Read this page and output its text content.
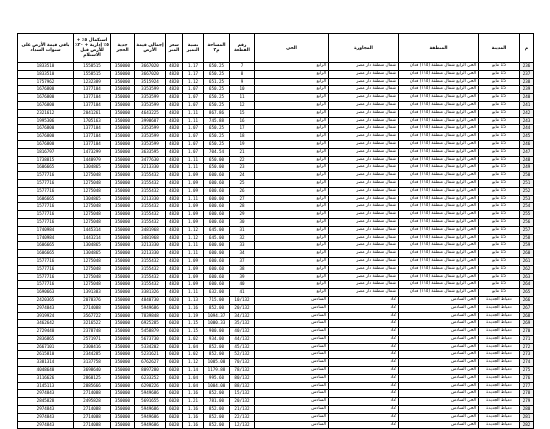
م	المدينة	المنطقة	المجاورة	الحي	رقم القطعة	المساحة م٢	نسبة التميز	سعر المتر	إجمالي قيمة الأرض	جدية الحجز	استكمال ٥٪ + ٥٪ إدارية + ٢٠٪ للأرض قبل الاستلام	باقي قيمة الأرض على سنوات السداد
236	15 مايو	الحي الرابع شمال منطقة (١١٥) فدان	شمال منطقة دار مصر	الرابع	7	650.25	1.17	4820	3667020	350000	1558515	1833510
237	15 مايو	الحي الرابع شمال منطقة (١١٥) فدان	شمال منطقة دار مصر	الرابع	8	650.25	1.17	4820	3667020	350000	1558515	1833510
238	15 مايو	الحي الرابع شمال منطقة (١١٥) فدان	شمال منطقة دار مصر	الرابع	9	651.25	1.12	4820	3515924	350000	1232389	1757962
239	15 مايو	الحي الرابع شمال منطقة (١١٥) فدان	شمال منطقة دار مصر	الرابع	10	650.25	1.07	4820	3353599	350000	1377104	1676800
240	15 مايو	الحي الرابع شمال منطقة (١١٥) فدان	شمال منطقة دار مصر	الرابع	11	650.25	1.07	4820	3353599	350000	1377104	1676800
241	15 مايو	الحي الرابع شمال منطقة (١١٥) فدان	شمال منطقة دار مصر	الرابع	12	650.25	1.07	4820	3353599	350000	1377104	1676800
242	15 مايو	الحي الرابع شمال منطقة (١١٥) فدان	شمال منطقة دار مصر	الرابع	15	867.86	1.11	4820	4643225	350000	2041261	2321612
243	15 مايو	الحي الرابع شمال منطقة (١١٥) فدان	شمال منطقة دار مصر	الرابع	16	745.88	1.11	4820	3990607	350000	1705163	1995306
244	15 مايو	الحي الرابع شمال منطقة (١١٥) فدان	شمال منطقة دار مصر	الرابع	17	650.25	1.07	4820	3353599	350000	1377104	1676800
245	15 مايو	الحي الرابع شمال منطقة (١١٥) فدان	شمال منطقة دار مصر	الرابع	18	650.25	1.07	4820	3353599	350000	1377104	1676800
246	15 مايو	الحي الرابع شمال منطقة (١١٥) فدان	شمال منطقة دار مصر	الرابع	19	650.25	1.07	4820	3353599	350000	1377104	1676800
247	15 مايو	الحي الرابع شمال منطقة (١١٥) فدان	شمال منطقة دار مصر	الرابع	21	704.54	1.07	4820	3633595	350000	1473299	1816797
248	15 مايو	الحي الرابع شمال منطقة (١١٥) فدان	شمال منطقة دار مصر	الرابع	22	650.00	1.11	4820	3477630	350000	1440979	1738815
249	15 مايو	الحي الرابع شمال منطقة (١١٥) فدان	شمال منطقة دار مصر	الرابع	23	650.00	1.11	4820	3213330	350000	1304865	1606665
250	15 مايو	الحي الرابع شمال منطقة (١١٥) فدان	شمال منطقة دار مصر	الرابع	24	600.60	1.09	4820	3155432	350000	1275048	1577716
251	15 مايو	الحي الرابع شمال منطقة (١١٥) فدان	شمال منطقة دار مصر	الرابع	25	600.60	1.09	4820	3155432	350000	1275048	1577716
252	15 مايو	الحي الرابع شمال منطقة (١١٥) فدان	شمال منطقة دار مصر	الرابع	26	600.60	1.09	4820	3155432	350000	1275048	1577716
253	15 مايو	الحي الرابع شمال منطقة (١١٥) فدان	شمال منطقة دار مصر	الرابع	27	600.00	1.11	4820	3213330	350000	1304865	1606665
254	15 مايو	الحي الرابع شمال منطقة (١١٥) فدان	شمال منطقة دار مصر	الرابع	28	600.60	1.09	4820	3155432	350000	1275048	1577716
255	15 مايو	الحي الرابع شمال منطقة (١١٥) فدان	شمال منطقة دار مصر	الرابع	29	600.60	1.09	4820	3155432	350000	1275048	1577716
256	15 مايو	الحي الرابع شمال منطقة (١١٥) فدان	شمال منطقة دار مصر	الرابع	30	600.60	1.09	4820	3155432	350000	1275048	1577716
257	15 مايو	الحي الرابع شمال منطقة (١١٥) فدان	شمال منطقة دار مصر	الرابع	31	645.00	1.12	4820	3481968	350000	1445314	1740984
258	15 مايو	الحي الرابع شمال منطقة (١١٥) فدان	شمال منطقة دار مصر	الرابع	32	645.00	1.12	4820	3481968	350000	1443214	1740984
259	15 مايو	الحي الرابع شمال منطقة (١١٥) فدان	شمال منطقة دار مصر	الرابع	33	600.00	1.11	4820	3213330	350000	1304865	1606665
260	15 مايو	الحي الرابع شمال منطقة (١١٥) فدان	شمال منطقة دار مصر	الرابع	34	600.00	1.11	4820	3213330	350000	1304865	1606665
261	15 مايو	الحي الرابع شمال منطقة (١١٥) فدان	شمال منطقة دار مصر	الرابع	37	600.60	1.09	4820	3155432	350000	1275048	1577716
262	15 مايو	الحي الرابع شمال منطقة (١١٥) فدان	شمال منطقة دار مصر	الرابع	38	600.60	1.09	4820	3155432	350000	1275048	1577716
263	15 مايو	الحي الرابع شمال منطقة (١١٥) فدان	شمال منطقة دار مصر	الرابع	39	600.60	1.09	4820	3155432	350000	1275048	1577716
264	15 مايو	الحي الرابع شمال منطقة (١١٥) فدان	شمال منطقة دار مصر	الرابع	40	600.60	1.09	4820	3155432	350000	1275048	1577716
265	15 مايو	الحي الرابع شمال منطقة (١١٥) فدان	شمال منطقة دار مصر	الرابع	41	632.00	1.11	4820	3381326	350000	1391383	1690663
266	دمياط الجديدة	الحي السادس	32	السادس	10/132	715.00	1.13	6020	4840730	350000	2070376	2420365
267	دمياط الجديدة	الحي السادس	32	السادس	20/132	852.00	1.16	6020	5949686	350000	2714088	2974843
268	دمياط الجديدة	الحي السادس	32	السادس	34/132	1094.37	1.19	6020	7839848	350000	3567722	3919924
269	دمياط الجديدة	الحي السادس	32	السادس	35/132	1000.33	1.15	6020	6925285	350000	3216522	3462642
270	دمياط الجديدة	الحي السادس	32	السادس	40/132	900.00	1.15	6020	5458879	350000	2378748	2729440
271	دمياط الجديدة	الحي السادس	32	السادس	44/132	934.00	1.02	6020	5673730	350000	2571971	2836865
272	دمياط الجديدة	الحي السادس	32	السادس	45/132	852.00	1.04	6020	5334202	350000	2300416	2667101
273	دمياط الجديدة	الحي السادس	32	السادس	52/132	852.00	1.02	6020	5231621	350000	2344285	2615810
274	دمياط الجديدة	الحي السادس	32	السادس	70/132	1005.00	1.12	6020	6762627	350000	3137758	3381314
275	دمياط الجديدة	الحي السادس	32	السادس	78/132	1179.88	1.14	6020	8097280	350000	3698640	4048640
276	دمياط الجديدة	الحي السادس	32	السادس	80/132	995.60	1.04	6020	6233252	350000	2860125	3116626
277	دمياط الجديدة	الحي السادس	32	السادس	88/132	1004.00	1.04	6020	6290226	350000	2885666	3145113
278	دمياط الجديدة	الحي السادس	32	السادس	15/132	852.00	1.16	6020	5949686	350000	2714088	2974843
279	دمياط الجديدة	الحي السادس	32	السادس	20/132	781.00	1.21	6020	5691655	350000	2495828	2845828
280	دمياط الجديدة	الحي السادس	32	السادس	21/132	852.00	1.16	6020	5949686	350000	2714088	2974843
281	دمياط الجديدة	الحي السادس	32	السادس	22/132	852.00	1.16	6020	5949686	350000	2714088	2974843
282	دمياط الجديدة	الحي السادس	32	السادس	12/132	852.00	1.16	6020	5949686	350000	2714088	2974843
